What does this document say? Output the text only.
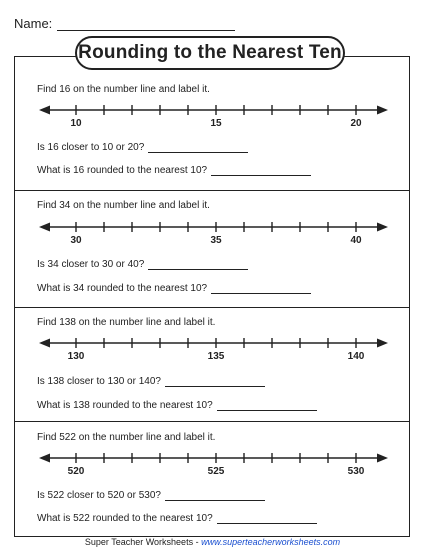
Name:
Find 16 on the number line and label it.
10	15	20
Is 16 closer to 10 or 20?
What is 16 rounded to the nearest 10?
Find 34 on the number line and label it.
30	35	40
Is 34 closer to 30 or 40?
What is 34 rounded to the nearest 10?
Find 138 on the number line and label it.
130	135	140
Is 138 closer to 130 or 140?
What is 138 rounded to the nearest 10?
Find 522 on the number line and label it.
520	525	530
Is 522 closer to 520 or 530?
What is 522 rounded to the nearest 10?
Rounding to the Nearest Ten
Super Teacher Worksheets - www.superteacherworksheets.com
